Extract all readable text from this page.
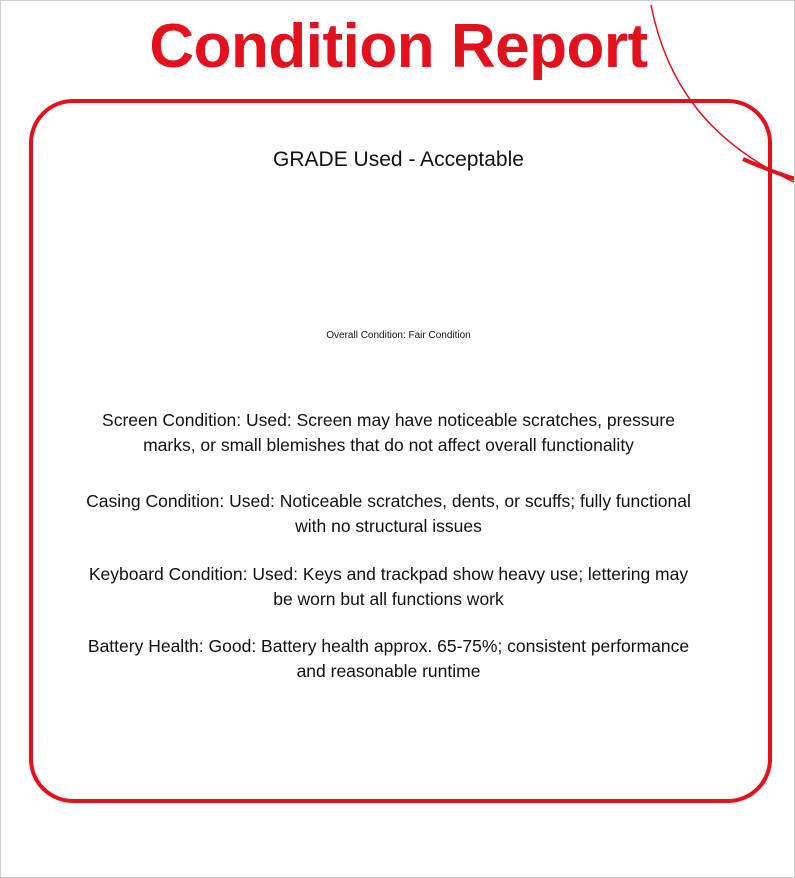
Condition Report
GRADE Used - Acceptable
Overall Condition: Fair Condition
Screen Condition: Used: Screen may have noticeable scratches, pressure marks, or small blemishes that do not affect overall functionality
Casing Condition: Used: Noticeable scratches, dents, or scuffs; fully functional with no structural issues
Keyboard Condition: Used: Keys and trackpad show heavy use; lettering may be worn but all functions work
Battery Health: Good: Battery health approx. 65-75%; consistent performance and reasonable runtime
